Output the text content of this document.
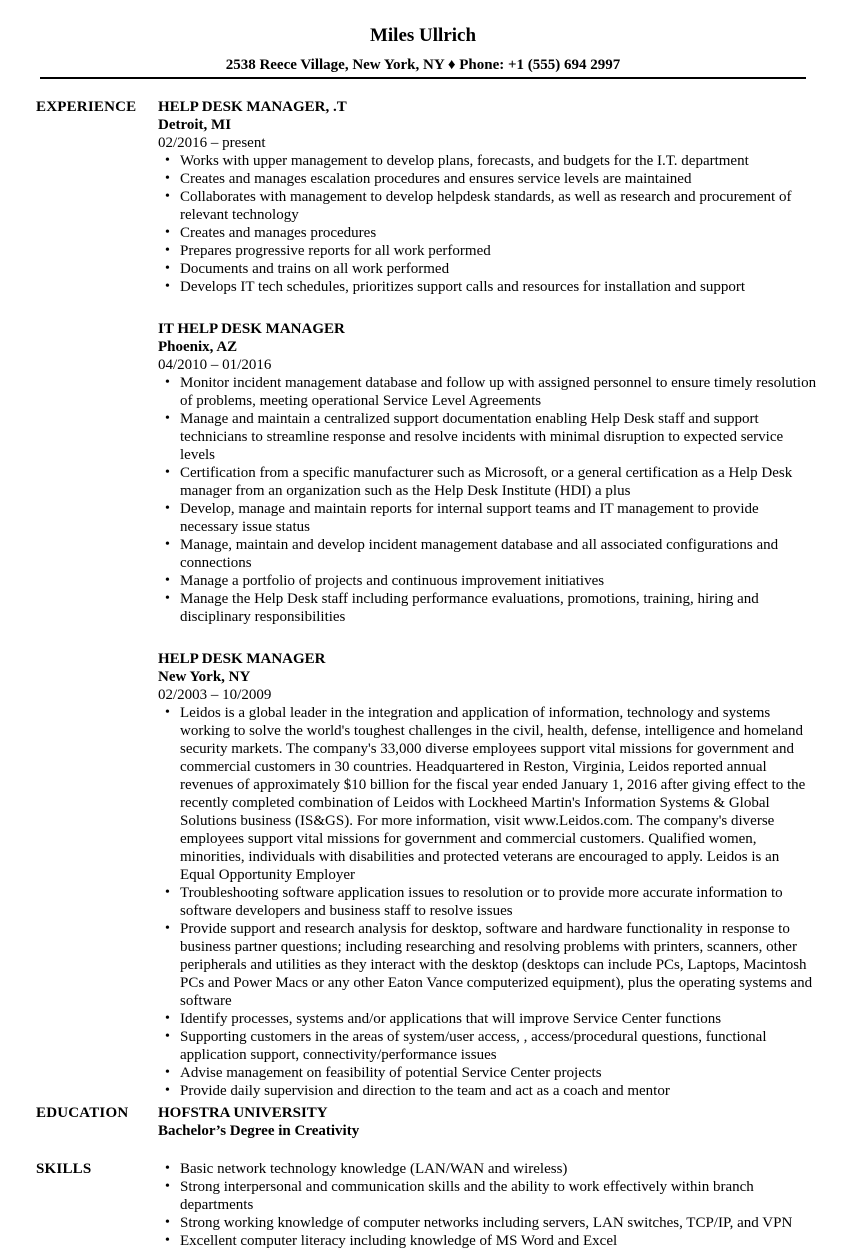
Miles Ullrich
2538 Reece Village, New York, NY ♦ Phone: +1 (555) 694 2997
EXPERIENCE HELP DESK MANAGER, .T
Detroit, MI
02/2016 – present
• Works with upper management to develop plans, forecasts, and budgets for the I.T. department
• Creates and manages escalation procedures and ensures service levels are maintained
• Collaborates with management to develop helpdesk standards, as well as research and procurement of relevant technology
• Creates and manages procedures
• Prepares progressive reports for all work performed
• Documents and trains on all work performed
• Develops IT tech schedules, prioritizes support calls and resources for installation and support
IT HELP DESK MANAGER
Phoenix, AZ
04/2010 – 01/2016
• Monitor incident management database and follow up with assigned personnel to ensure timely resolution of problems, meeting operational Service Level Agreements
• Manage and maintain a centralized support documentation enabling Help Desk staff and support technicians to streamline response and resolve incidents with minimal disruption to expected service levels
• Certification from a specific manufacturer such as Microsoft, or a general certification as a Help Desk manager from an organization such as the Help Desk Institute (HDI) a plus
• Develop, manage and maintain reports for internal support teams and IT management to provide necessary issue status
• Manage, maintain and develop incident management database and all associated configurations and connections
• Manage a portfolio of projects and continuous improvement initiatives
• Manage the Help Desk staff including performance evaluations, promotions, training, hiring and disciplinary responsibilities
HELP DESK MANAGER
New York, NY
02/2003 – 10/2009
• Leidos is a global leader in the integration and application of information, technology and systems working to solve the world's toughest challenges in the civil, health, defense, intelligence and homeland security markets. The company's 33,000 diverse employees support vital missions for government and commercial customers in 30 countries. Headquartered in Reston, Virginia, Leidos reported annual revenues of approximately $10 billion for the fiscal year ended January 1, 2016 after giving effect to the recently completed combination of Leidos with Lockheed Martin's Information Systems & Global Solutions business (IS&GS). For more information, visit www.Leidos.com. The company's diverse employees support vital missions for government and commercial customers. Qualified women, minorities, individuals with disabilities and protected veterans are encouraged to apply. Leidos is an Equal Opportunity Employer
• Troubleshooting software application issues to resolution or to provide more accurate information to software developers and business staff to resolve issues
• Provide support and research analysis for desktop, software and hardware functionality in response to business partner questions; including researching and resolving problems with printers, scanners, other peripherals and utilities as they interact with the desktop (desktops can include PCs, Laptops, Macintosh PCs and Power Macs or any other Eaton Vance computerized equipment), plus the operating systems and software
• Identify processes, systems and/or applications that will improve Service Center functions
• Supporting customers in the areas of system/user access, , access/procedural questions, functional application support, connectivity/performance issues
• Advise management on feasibility of potential Service Center projects
• Provide daily supervision and direction to the team and act as a coach and mentor
EDUCATION HOFSTRA UNIVERSITY
Bachelor’s Degree in Creativity
SKILLS
•	Basic network technology knowledge (LAN/WAN and wireless)
• Strong interpersonal and communication skills and the ability to work effectively within branch departments
• Strong working knowledge of computer networks including servers, LAN switches, TCP/IP, and VPN
• Excellent computer literacy including knowledge of MS Word and Excel
